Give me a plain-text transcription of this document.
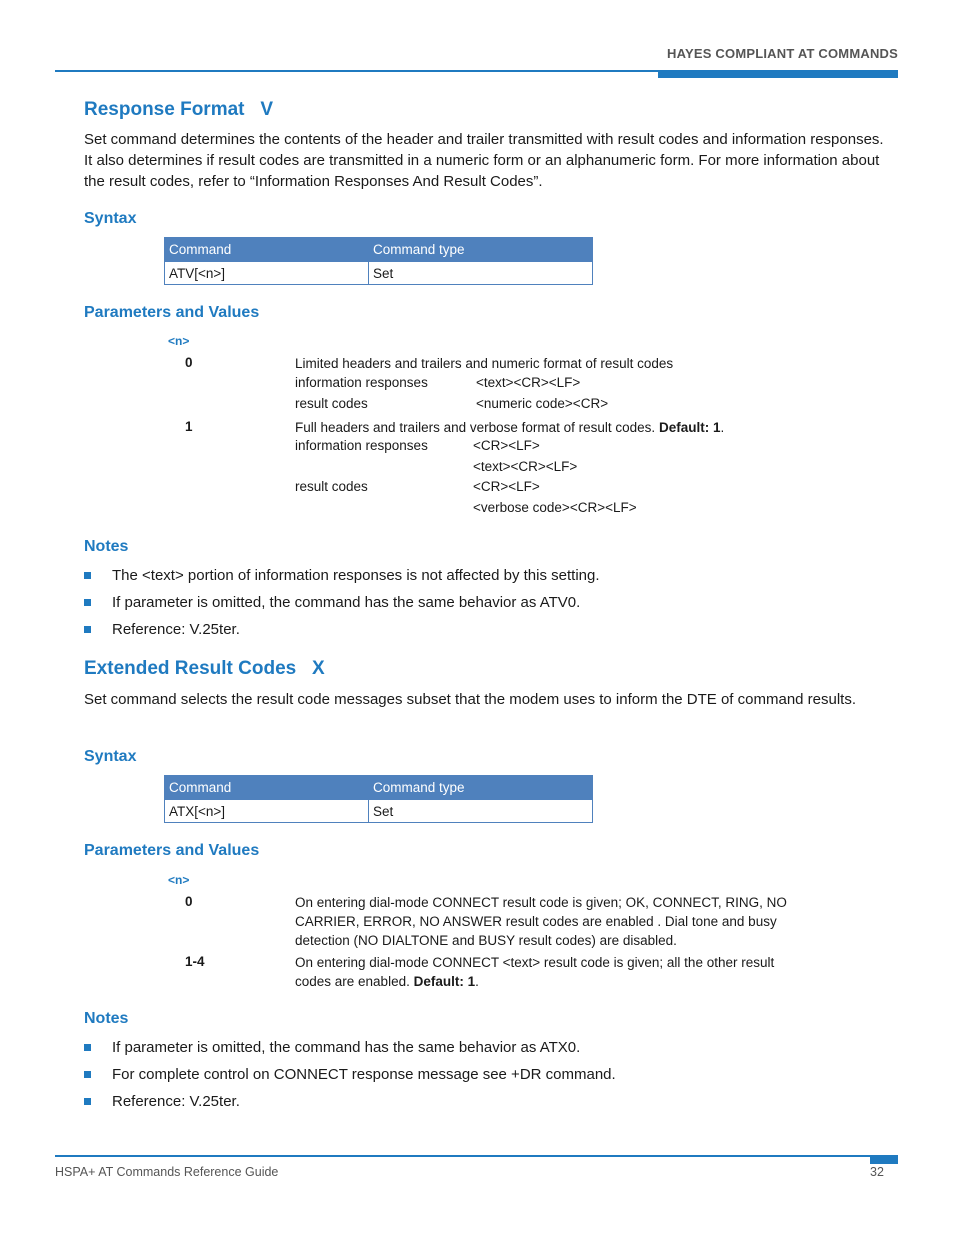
HAYES COMPLIANT AT COMMANDS
Response Format   V
Set command determines the contents of the header and trailer transmitted with result codes and information responses. It also determines if result codes are transmitted in a numeric form or an alphanumeric form. For more information about the result codes, refer to “Information Responses And Result Codes”.
Syntax
Command	Command type
ATV[<n>]	Set
Parameters and Values
<n>
0	Limited headers and trailers and numeric format of result codes
information responses	<text><CR><LF>
result codes	<numeric code><CR>
1	Full headers and trailers and verbose format of result codes. Default: 1.
information responses	<CR><LF>
<text><CR><LF>
result codes	<CR><LF>
<verbose code><CR><LF>
Notes
The <text> portion of information responses is not affected by this setting.
If parameter is omitted, the command has the same behavior as ATV0.
Reference: V.25ter.
Extended Result Codes   X
Set command selects the result code messages subset that the modem uses to inform the DTE of command results.
Syntax
Command	Command type
ATX[<n>]	Set
Parameters and Values
<n>
0	On entering dial-mode CONNECT result code is given; OK, CONNECT, RING, NO CARRIER, ERROR, NO ANSWER result codes are enabled . Dial tone and busy detection (NO DIALTONE and BUSY result codes) are disabled.
1-4	On entering dial-mode CONNECT <text> result code is given; all the other result codes are enabled. Default: 1.
Notes
If parameter is omitted, the command has the same behavior as ATX0.
For complete control on CONNECT response message see +DR command.
Reference: V.25ter.
HSPA+ AT Commands Reference Guide	32
